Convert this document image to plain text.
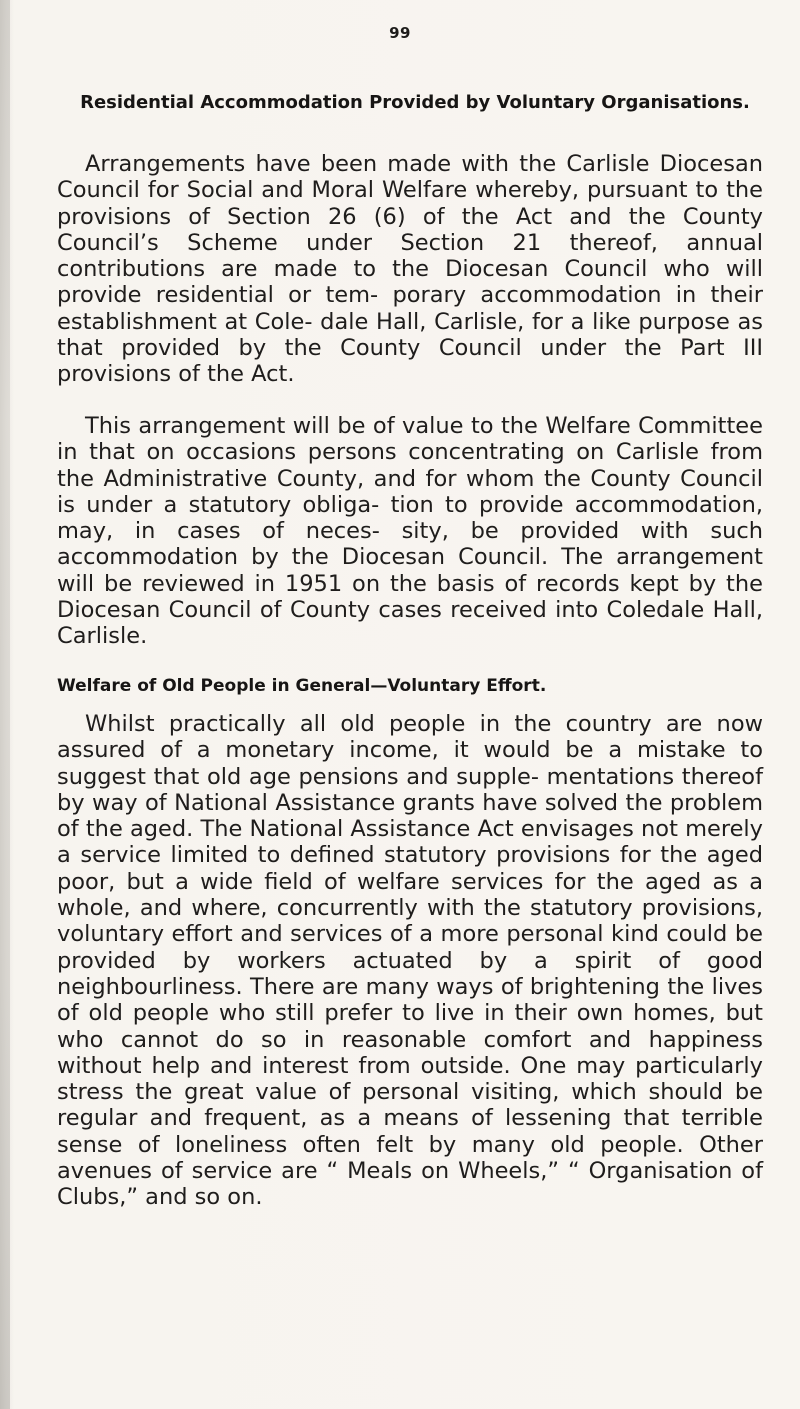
99
Residential Accommodation Provided by Voluntary Organisations.
Arrangements have been made with the Carlisle Diocesan Council for Social and Moral Welfare whereby, pursuant to the provisions of Section 26 (6) of the Act and the County Council’s Scheme under Section 21 thereof, annual contributions are made to the Diocesan Council who will provide residential or tem- porary accommodation in their establishment at Cole- dale Hall, Carlisle, for a like purpose as that provided by the County Council under the Part III provisions of the Act.
This arrangement will be of value to the Welfare Committee in that on occasions persons concentrating on Carlisle from the Administrative County, and for whom the County Council is under a statutory obliga- tion to provide accommodation, may, in cases of neces- sity, be provided with such accommodation by the Diocesan Council. The arrangement will be reviewed in 1951 on the basis of records kept by the Diocesan Council of County cases received into Coledale Hall, Carlisle.
Welfare of Old People in General—Voluntary Effort.
Whilst practically all old people in the country are now assured of a monetary income, it would be a mistake to suggest that old age pensions and supple- mentations thereof by way of National Assistance grants have solved the problem of the aged. The National Assistance Act envisages not merely a service limited to defined statutory provisions for the aged poor, but a wide field of welfare services for the aged as a whole, and where, concurrently with the statutory provisions, voluntary effort and services of a more personal kind could be provided by workers actuated by a spirit of good neighbourliness. There are many ways of brightening the lives of old people who still prefer to live in their own homes, but who cannot do so in reasonable comfort and happiness without help and interest from outside. One may particularly stress the great value of personal visiting, which should be regular and frequent, as a means of lessening that terrible sense of loneliness often felt by many old people. Other avenues of service are “ Meals on Wheels,” “ Organisation of Clubs,” and so on.
